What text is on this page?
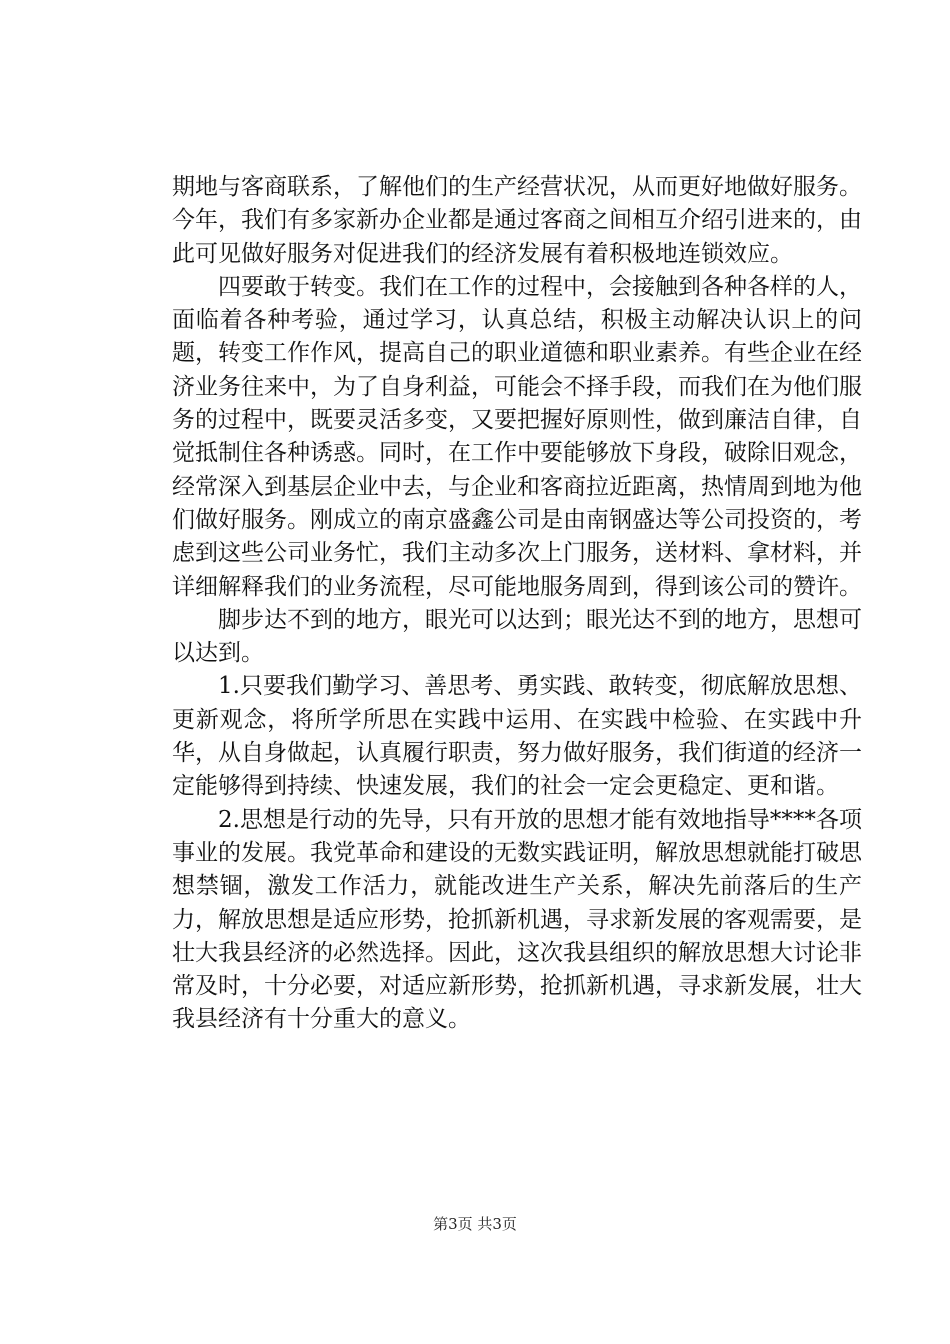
期地与客商联系，了解他们的生产经营状况，从而更好地做好服务。今年，我们有多家新办企业都是通过客商之间相互介绍引进来的，由此可见做好服务对促进我们的经济发展有着积极地连锁效应。

四要敢于转变。我们在工作的过程中，会接触到各种各样的人，面临着各种考验，通过学习，认真总结，积极主动解决认识上的问题，转变工作作风，提高自己的职业道德和职业素养。有些企业在经济业务往来中，为了自身利益，可能会不择手段，而我们在为他们服务的过程中，既要灵活多变，又要把握好原则性，做到廉洁自律，自觉抵制住各种诱惑。同时，在工作中要能够放下身段，破除旧观念，经常深入到基层企业中去，与企业和客商拉近距离，热情周到地为他们做好服务。刚成立的南京盛鑫公司是由南钢盛达等公司投资的，考虑到这些公司业务忙，我们主动多次上门服务，送材料、拿材料，并详细解释我们的业务流程，尽可能地服务周到，得到该公司的赞许。

脚步达不到的地方，眼光可以达到；眼光达不到的地方，思想可以达到。

1.只要我们勤学习、善思考、勇实践、敢转变，彻底解放思想、更新观念，将所学所思在实践中运用、在实践中检验、在实践中升华，从自身做起，认真履行职责，努力做好服务，我们街道的经济一定能够得到持续、快速发展，我们的社会一定会更稳定、更和谐。

2.思想是行动的先导，只有开放的思想才能有效地指导****各项事业的发展。我党革命和建设的无数实践证明，解放思想就能打破思想禁锢，激发工作活力，就能改进生产关系，解决先前落后的生产力，解放思想是适应形势，抢抓新机遇，寻求新发展的客观需要，是壮大我县经济的必然选择。因此，这次我县组织的解放思想大讨论非常及时，十分必要，对适应新形势，抢抓新机遇，寻求新发展，壮大我县经济有十分重大的意义。

第3页 共3页
